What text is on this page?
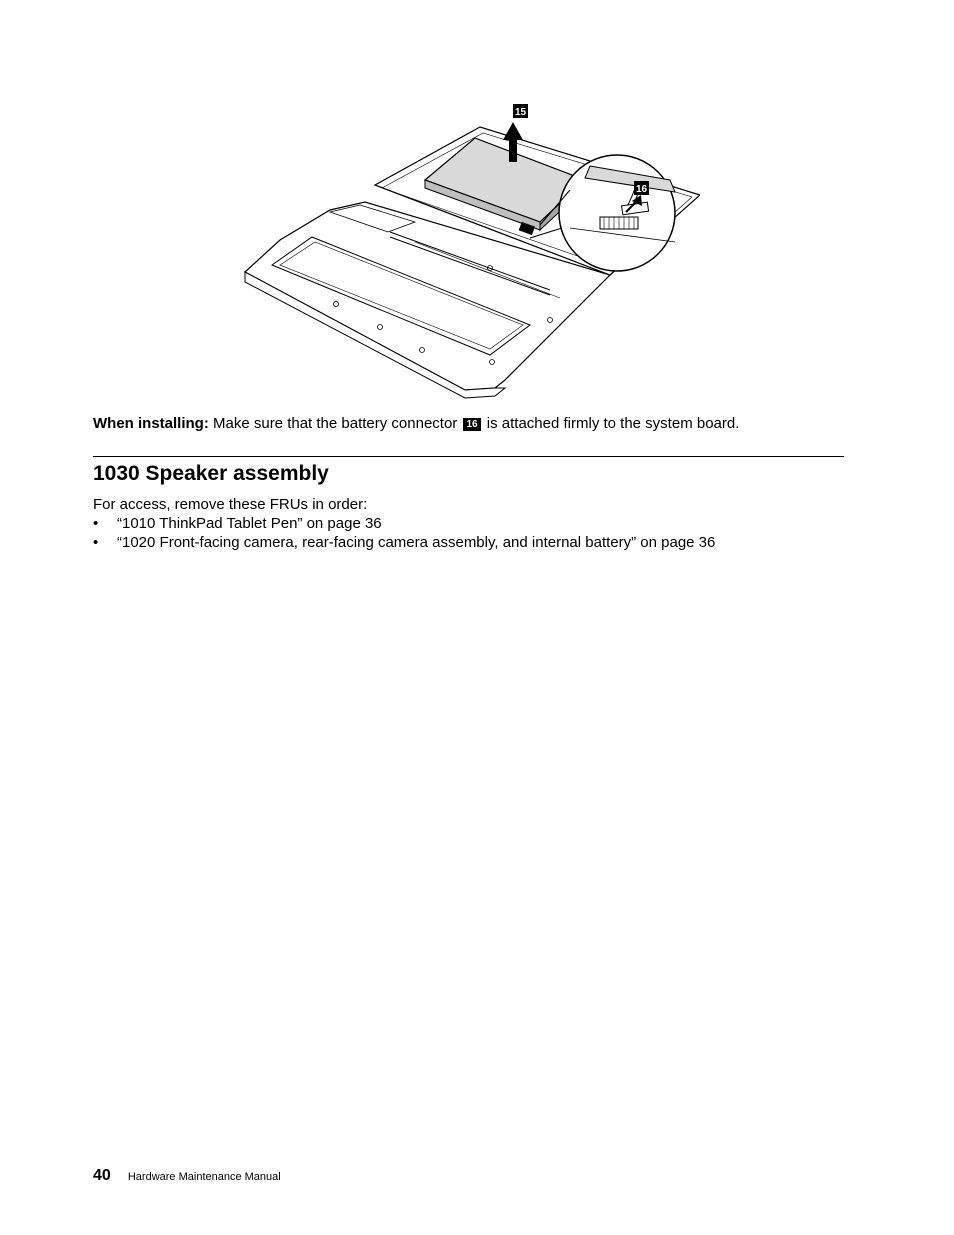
15
16
When installing: Make sure that the battery connector 16 is attached firmly to the system board.
1030 Speaker assembly
For access, remove these FRUs in order:
• “1010 ThinkPad Tablet Pen” on page 36
• “1020 Front-facing camera, rear-facing camera assembly, and internal battery” on page 36
40 Hardware Maintenance Manual
